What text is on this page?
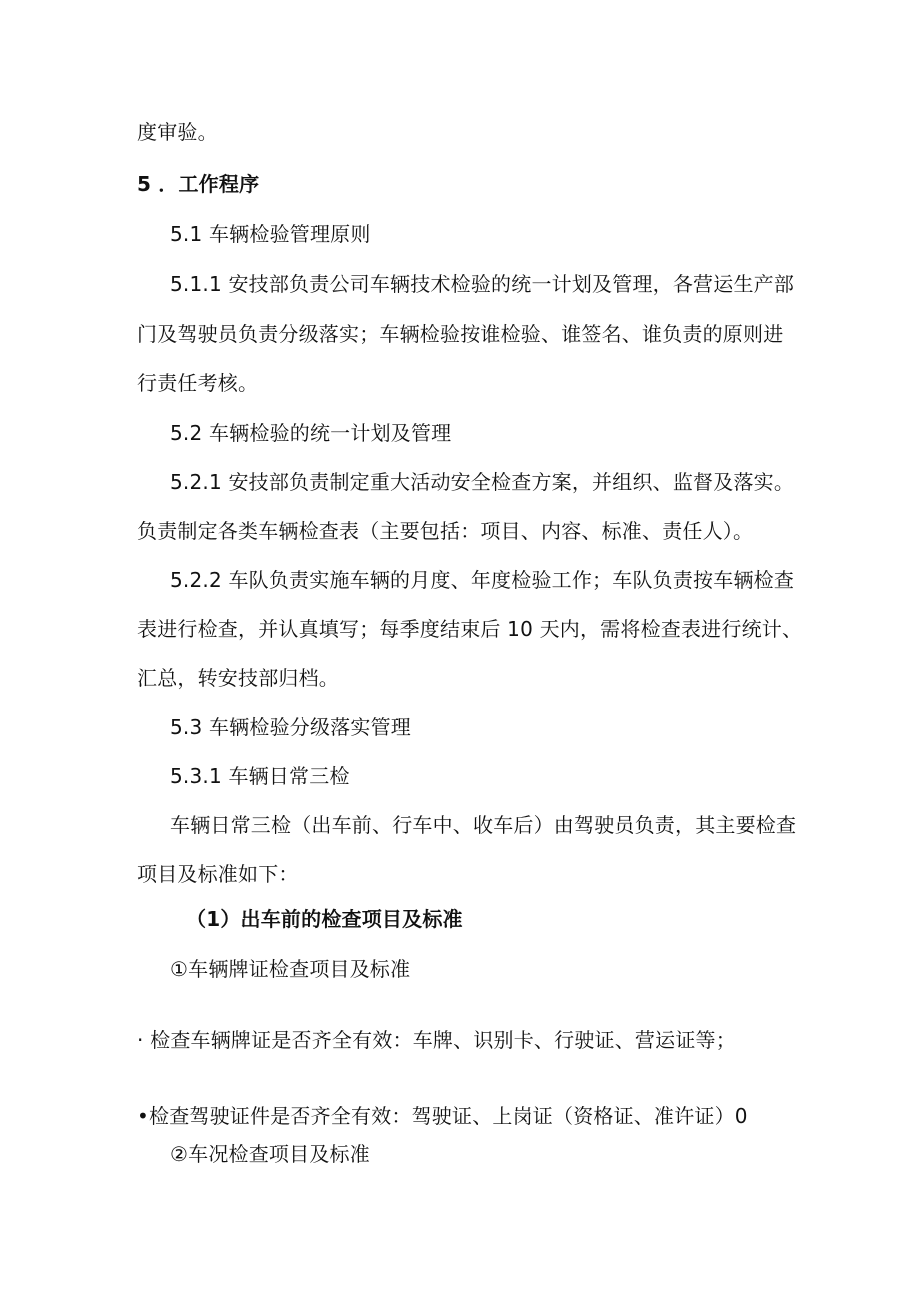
度审验。
5 ．工作程序
5.1 车辆检验管理原则
5.1.1 安技部负责公司车辆技术检验的统一计划及管理，各营运生产部
门及驾驶员负责分级落实；车辆检验按谁检验、谁签名、谁负责的原则进
行责任考核。
5.2 车辆检验的统一计划及管理
5.2.1 安技部负责制定重大活动安全检查方案，并组织、监督及落实。
负责制定各类车辆检查表（主要包括：项目、内容、标准、责任人）。
5.2.2 车队负责实施车辆的月度、年度检验工作；车队负责按车辆检查
表进行检查，并认真填写；每季度结束后 10 天内，需将检查表进行统计、
汇总，转安技部归档。
5.3 车辆检验分级落实管理
5.3.1 车辆日常三检
车辆日常三检（出车前、行车中、收车后）由驾驶员负责，其主要检查
项目及标准如下：
（1）出车前的检查项目及标准
①车辆牌证检查项目及标准
· 检查车辆牌证是否齐全有效：车牌、识别卡、行驶证、营运证等；
•检查驾驶证件是否齐全有效：驾驶证、上岗证（资格证、准许证）0
②车况检查项目及标准
